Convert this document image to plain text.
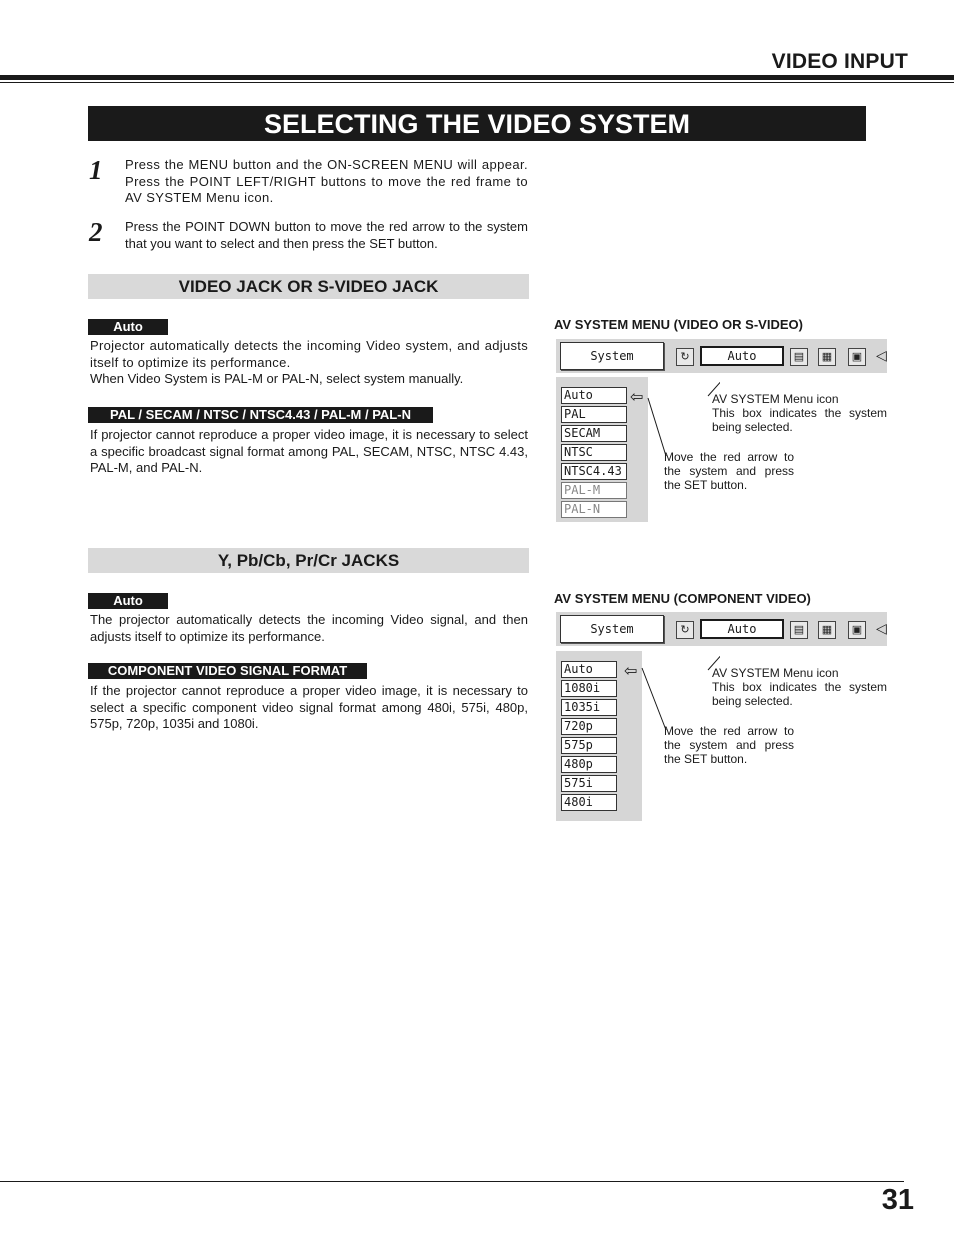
VIDEO INPUT
SELECTING THE VIDEO SYSTEM
1 Press the MENU button and the ON-SCREEN MENU will appear. Press the POINT LEFT/RIGHT buttons to move the red frame to AV SYSTEM Menu icon.
2 Press the POINT DOWN button to move the red arrow to the system that you want to select and then press the SET button.
VIDEO JACK OR S-VIDEO JACK
Auto
Projector automatically detects the incoming Video system, and adjusts itself to optimize its performance.
When Video System is PAL-M or PAL-N, select system manually.
PAL / SECAM / NTSC / NTSC4.43 / PAL-M / PAL-N
If projector cannot reproduce a proper video image, it is necessary to select a specific broadcast signal format among PAL, SECAM, NTSC, NTSC 4.43, PAL-M, and PAL-N.
AV SYSTEM MENU (VIDEO OR S-VIDEO)
System	↻	Auto	▤	▦	▣ ◁
Auto
PAL
SECAM
NTSC
NTSC4.43
PAL-M
PAL-N
⇦	AV SYSTEM Menu icon
This box indicates the system being selected.
Move the red arrow to the system and press the SET button.
Y, Pb/Cb, Pr/Cr JACKS
Auto
The projector automatically detects the incoming Video signal, and then adjusts itself to optimize its performance.
COMPONENT VIDEO SIGNAL FORMAT
If the projector cannot reproduce a proper video image, it is necessary to select a specific component video signal format among 480i, 575i, 480p, 575p, 720p, 1035i and 1080i.
AV SYSTEM MENU (COMPONENT VIDEO)
System	↻	Auto	▤	▦	▣ ◁
Auto
1080i
1035i
720p
575p
480p
575i
480i
⇦	AV SYSTEM Menu icon
This box indicates the system being selected.
Move the red arrow to the system and press the SET button.
31
